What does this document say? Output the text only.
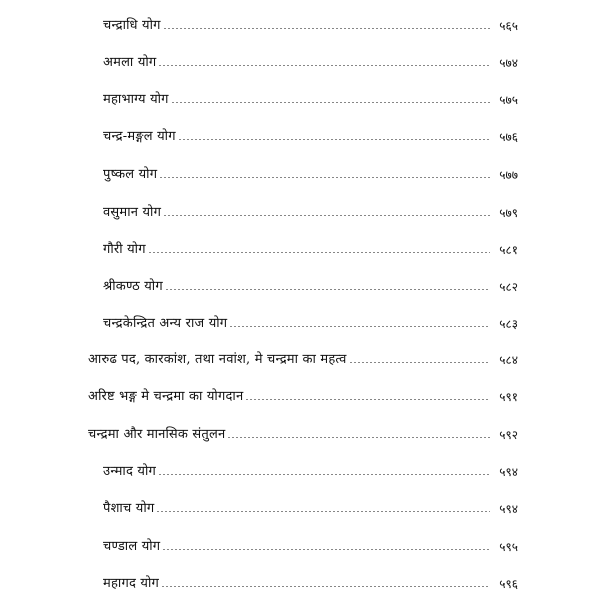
चन्द्राधि योग	५६५
अमला योग	५७४
महाभाग्य योग	५७५
चन्द्र-मङ्गल योग	५७६
पुष्कल योग	५७७
वसुमान योग	५७९
गौरी योग	५८१
श्रीकण्ठ योग	५८२
चन्द्रकेन्द्रित अन्य राज योग	५८३
आरुढ पद, कारकांश, तथा नवांश, मे चन्द्रमा का महत्व	५८४
अरिष्ट भङ्ग मे चन्द्रमा का योगदान	५९१
चन्द्रमा और मानसिक संतुलन	५९२
उन्माद योग	५९४
पैशाच योग	५९४
चण्डाल योग	५९५
महागद योग	५९६
